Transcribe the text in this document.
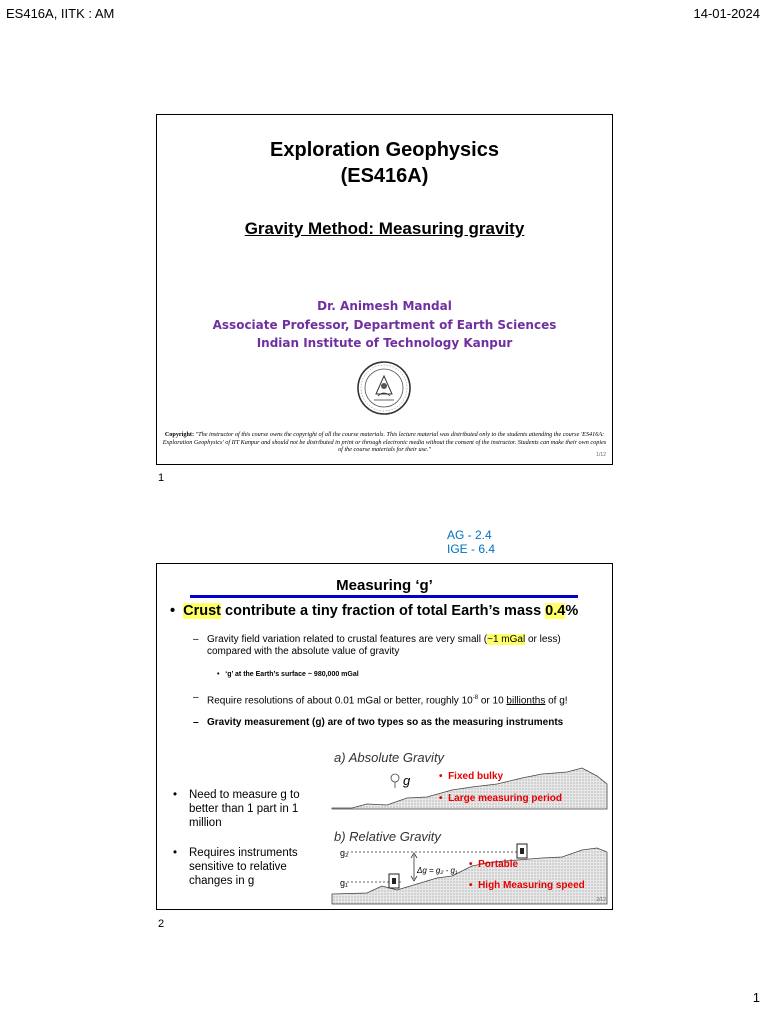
ES416A, IITK : AM	14-01-2024
Exploration Geophysics
(ES416A)
Gravity Method: Measuring gravity
Dr. Animesh Mandal
Associate Professor, Department of Earth Sciences
Indian Institute of Technology Kanpur
Copyright: "The instructor of this course owns the copyright of all the course materials. This lecture material was distributed only to the students attending the course 'ES416A: Exploration Geophysics' of IIT Kanpur and should not be distributed in print or through electronic media without the consent of the instructor. Students can make their own copies of the course materials for their use."
1/12
1
AG - 2.4
IGE - 6.4
Measuring ‘g’
•  Crust contribute a tiny fraction of total Earth’s mass 0.4%
– Gravity field variation related to crustal features are very small (~1 mGal or less) compared with the absolute value of gravity
•   ‘g’ at the Earth’s surface ~ 980,000 mGal
– Require resolutions of about 0.01 mGal or better, roughly $10^{-8}$ or 10 billionths of g!
– Gravity measurement (g) are of two types so as the measuring instruments
•	Need to measure g to better than 1 part in 1 million
•	Requires instruments sensitive to relative changes in g
a) Absolute Gravity
b) Relative Gravity
g
g₂
g₁
Δg = g₂ - g₁
•  Fixed bulky
•  Large measuring period
•  Portable
•  High Measuring speed
2/12
2
1
